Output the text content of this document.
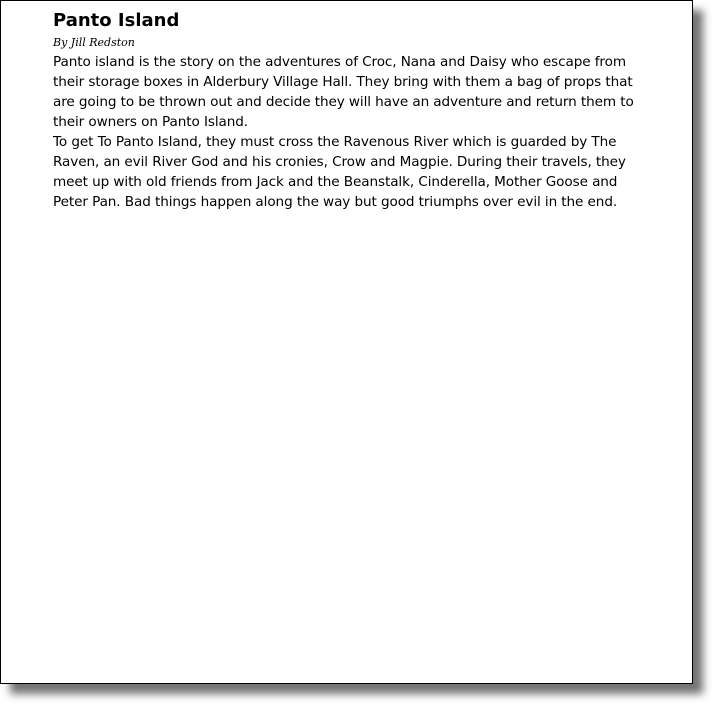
Panto Island
By Jill Redston

Panto island is the story on the adventures of Croc, Nana and Daisy who escape from their storage boxes in Alderbury Village Hall. They bring with them a bag of props that are going to be thrown out and decide they will have an adventure and return them to their owners on Panto Island.

To get To Panto Island, they must cross the Ravenous River which is guarded by The Raven, an evil River God and his cronies, Crow and Magpie. During their travels, they meet up with old friends from Jack and the Beanstalk, Cinderella, Mother Goose and Peter Pan. Bad things happen along the way but good triumphs over evil in the end.
